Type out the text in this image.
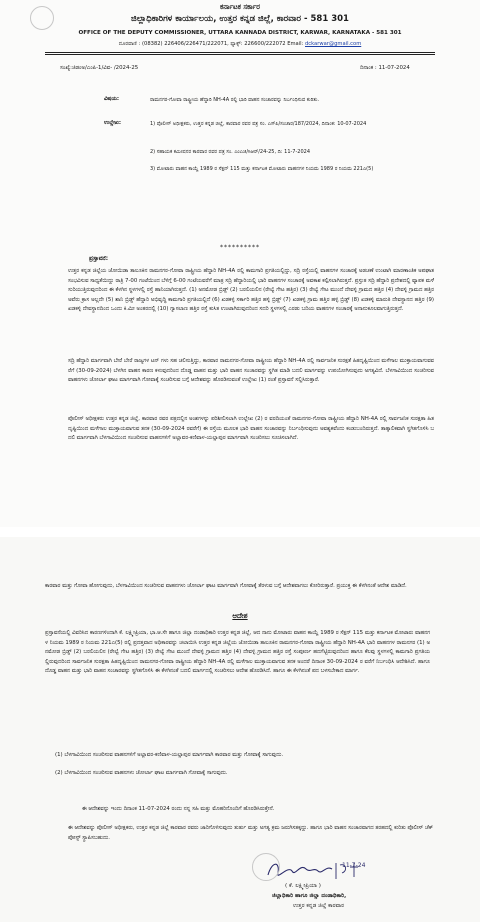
ಕರ್ನಾಟಕ ಸರ್ಕಾರ
ಜಿಲ್ಲಾಧಿಕಾರಿಗಳ ಕಾರ್ಯಾಲಯ, ಉತ್ತರ ಕನ್ನಡ ಜಿಲ್ಲೆ, ಕಾರವಾರ - 581 301
OFFICE OF THE DEPUTY COMMISSIONER, UTTARA KANNADA DISTRICT, KARWAR, KARNATAKA - 581 301
ದೂರವಾಣಿ : (08382) 226406/226471/222071, ಫ್ಯಾಕ್ಸ್: 226600/222072 Email: dckarwar@gmail.com
ಸಂಖ್ಯೆ:ಜಿಡಂಅ/ಎಂಪಿ-1/ವಿವ- /2024-25	ದಿನಾಂಕ : 11-07-2024
ವಿಷಯ:	ರಾಮನಗರ-ಗೋವಾ ರಾಷ್ಟ್ರೀಯ ಹೆದ್ದಾರಿ NH-4A ರಲ್ಲಿ ಭಾರಿ ವಾಹನ ಸಂಚಾರವನ್ನು ನಿರ್ಬಂಧಿಸುವ ಕುರಿತು.
ಉಲ್ಲೇಖ:	1) ಪೊಲೀಸ್ ಅಧೀಕ್ಷಕರು, ಉತ್ತರ ಕನ್ನಡ ಜಿಲ್ಲೆ, ಕಾರವಾರ ರವರ ಪತ್ರ ಸಂ. ಎಸ್‌ಪಿ/ಸಂಚಾರ/187/2024, ದಿನಾಂಕ: 10-07-2024
2) ಸಹಾಯಕ ಕಮೀಷನರ ಕಾರವಾರ ರವರ ಪತ್ರ ಸಂ. ಎಂಎಜಿ/ಸಿಆರ್/24-25, ದಿ: 11-7-2024
3) ಮೋಟಾರು ವಾಹನ ಕಾಯ್ದೆ 1989 ರ ಸೆಕ್ಷನ್ 115 ಮತ್ತು ಕರ್ನಾಟಕ ಮೋಟಾರು ವಾಹನಗಳ ನಿಯಮ 1989 ರ ನಿಯಮ 221ಎ(5)
**********
ಪ್ರಸ್ತಾವನೆ:
ಉತ್ತರ ಕನ್ನಡ ಜಿಲ್ಲೆಯ ಜೋಯಿಡಾ ತಾಲೂಕಿನ ರಾಮನಗರ-ಗೋವಾ ರಾಷ್ಟ್ರೀಯ ಹೆದ್ದಾರಿ NH-4A ರಲ್ಲಿ ಕಾಮಗಾರಿ ಪ್ರಗತಿಯಲ್ಲಿದ್ದು, ಸದ್ರಿ ರಸ್ತೆಯಲ್ಲಿ ವಾಹನಗಳ ಸಂಚಾರಕ್ಕೆ ಅಡಚಣೆ ಉಂಟಾಗಿ ಮಾರಣಾಂತಿಕ ಅಪಘಾತ ಸಂಭವಿಸುವ ಸಾಧ್ಯತೆಯಿದ್ದು ರಾತ್ರಿ 7-00 ಗಂಟೆಯಿಂದ ಬೆಳಿಗ್ಗೆ 6-00 ಗಂಟೆಯವರೆಗೆ ಮಾತ್ರ ಸದ್ರಿ ಹೆದ್ದಾರಿಯಲ್ಲಿ ಭಾರಿ ವಾಹನಗಳ ಸಂಚಾರಕ್ಕೆ ಅವಕಾಶ ಕಲ್ಪಿಸಲಾಗಿರುತ್ತದೆ. ಪ್ರಸ್ತುತ ಸದ್ರಿ ಹೆದ್ದಾರಿ ಪ್ರದೇಶದಲ್ಲಿ ವ್ಯಾಪಕ ಮಳೆ ಸುರಿಯುತ್ತಿರುವುದರಿಂದ ಈ ಕೆಳಗಿನ ಸ್ಥಳಗಳಲ್ಲಿ ರಸ್ತೆ ಹಾನಿಯಾಗಿರುತ್ತದೆ. (1) ಅನಮೋಡ ಬ್ರಿಡ್ಜ್ (2) ಬರಲಿಯಲಿನ (ರೇಲ್ವೆ ಗೇಟ ಹತ್ತಿರ) (3) ರೇಲ್ವೆ ಗೇಟ ಮುಂದೆ ದೇವಳ್ಳಿ ಗ್ರಾಮದ ಹತ್ತಿರ (4) ದೇವಳ್ಳಿ ಗ್ರಾಮದ ಹತ್ತಿರ ಅವೆರು ಕ್ರಾಸ ಅಲ್ಲದೇ (5) ಶಾನಿ ಬ್ರಿಡ್ಜ್ ಹೆದ್ದಾರಿ ಅಭಿವೃದ್ಧಿ ಕಾಮಗಾರಿ ಪ್ರಗತಿಯಲ್ಲಿದೆ (6) ಖಡಕಳ್ಳಿ ಸರ್ಕಾರಿ ಹತ್ತಿರ ಹಳ್ಳಿ ಬ್ರಿಡ್ಜ್ (7) ಖಡಕಳ್ಳಿ ಗ್ರಾಮ ಹತ್ತಿರ ಹಳ್ಳಿ ಬ್ರಿಡ್ಜ್ (8) ಖಡಕಳ್ಳಿ ಮಾರುತಿ ದೇವಸ್ಥಾನದ ಹತ್ತಿರ (9) ಖಡಕಳ್ಳಿ ದೇವಸ್ಥಾನದಿಂದ ಒಂದು ಕಿ.ಮೀ ಅಂತರದಲ್ಲಿ (10) ಗ್ಯಾಸಲಾಣ ಹತ್ತಿರ ರಸ್ತೆ ಕುಸಿತ ಉಂಟಾಗಿರುವುದರಿಂದ ಸದರಿ ಸ್ಥಳಗಳಲ್ಲಿ ಎರಡು ಬದಿಯ ವಾಹನಗಳ ಸಂಚಾರಕ್ಕೆ ಅನಾನುಕೂಲವಾಗುತ್ತಿರುತ್ತದೆ.
ಸದ್ರಿ ಹೆದ್ದಾರಿ ಮಾರ್ಗವಾಗಿ ಬೇರೆ ಬೇರೆ ರಾಜ್ಯಗಳ ಟನ್ ಗಳು ಸಹ ಚಲಿಸುತ್ತಿದ್ದು, ಕಾರವಾರ ರಾಮನಗರ-ಗೋವಾ ರಾಷ್ಟ್ರೀಯ ಹೆದ್ದಾರಿ NH-4A ರಲ್ಲಿ ಸಾರ್ವಜನಿಕ ಸುರಕ್ಷತೆ ಹಿತದೃಷ್ಟಿಯಿಂದ ಮಳೆಗಾಲ ಮುಕ್ತಾಯವಾಗುವವರೆಗೆ (30-09-2024) ಬೆಳಗಿನ ವಾಹನ ಕಾರಣ ಕಳುವುದರಿಂದ ದೊಡ್ಡ ವಾಹನ ಮತ್ತು ಭಾರಿ ವಾಹನ ಸಂಚಾರವನ್ನು ಸ್ಥಗಿತ ಮಾಡಿ ಬದಲಿ ಮಾರ್ಗವನ್ನು ಉಪಯೋಗಿಸುವುದು ಅಗತ್ಯವಿದೆ. ಬೆಳಗಾವಿಯಿಂದ ಸಂಚರಿಸುವ ವಾಹನಗಳು ಚೋರ್ಲಾ ಘಾಟ ಮಾರ್ಗವಾಗಿ ಗೋವಾಕ್ಕೆ ಸಂಚರಿಸುವ ಬಗ್ಗೆ ಆದೇಶವನ್ನು ಹೊರಡಿಸುವಂತೆ ಉಲ್ಲೇಖ (1) ರಂತೆ ಪ್ರಸ್ತಾವನೆ ಸಲ್ಲಿಸಿರುತ್ತಾರೆ.
ಪೊಲೀಸ್ ಅಧೀಕ್ಷಕರು ಉತ್ತರ ಕನ್ನಡ ಜಿಲ್ಲೆ, ಕಾರವಾರ ರವರ ಪತ್ರದಲ್ಲಿನ ಅಂಶಗಳನ್ನು ಪರಿಶೀಲಿಸಲಾಗಿ ಉಲ್ಲೇಖ (2) ರ ವರದಿಯಂತೆ ರಾಮನಗರ-ಗೋವಾ ರಾಷ್ಟ್ರೀಯ ಹೆದ್ದಾರಿ NH-4A ರಲ್ಲಿ ಸಾರ್ವಜನಿಕ ಸುರಕ್ಷತಾ ಹಿತದೃಷ್ಟಿಯಿಂದ ಮಳೆಗಾಲ ಮುಕ್ತಾಯವಾಗುವ ತನಕ (30-09-2024 ರವರೆಗೆ) ಈ ರಸ್ತೆಯ ಮೂಲಕ ಭಾರಿ ವಾಹನ ಸಂಚಾರವನ್ನು ನಿರ್ಬಂಧಿಸುವುದು ಅವಶ್ಯಕವೆಂದು ಕಂಡುಬಂದಿರುತ್ತದೆ. ತಾತ್ಕಾಲಿಕವಾಗಿ ಸ್ಥಗಿತಗೊಳಿಸಿ ಬದಲಿ ಮಾರ್ಗವಾಗಿ ಬೆಳಗಾವಿಯಿಂದ ಸಂಚರಿಸುವ ವಾಹನಗಳಿಗೆ ಅಲ್ಲಾವರ-ಕಣಿವಾಳ-ಯಲ್ಲಾಪುರ ಮಾರ್ಗವಾಗಿ ಸಂಚರಿಸಲು ಸೂಚಿಸಲಾಗಿದೆ.
ಕಾರವಾರ ಮತ್ತು ಗೋವಾ ಹೋಗುವುದು, ಬೆಳಗಾವಿಯಿಂದ ಸಂಚರಿಸುವ ವಾಹನಗಳು ಚೋರ್ಲಾ ಘಾಟ ಮಾರ್ಗವಾಗಿ ಗೋವಾಕ್ಕೆ ತೆರಳುವ ಬಗ್ಗೆ ಆದೇಶವಾಗಲು ಕೋರಿರುತ್ತಾರೆ. ಪ್ರಯುಕ್ತ ಈ ಕೆಳಗಿನಂತೆ ಆದೇಶ ಮಾಡಿದೆ.
ಆದೇಶ
ಪ್ರಸ್ತಾವನೆಯಲ್ಲಿ ವಿವರಿಸಿದ ಕಾರಣಗಳಿಂದಾಗಿ ಕೆ. ಲಕ್ಷ್ಮೀಪ್ರಿಯಾ, ಭಾ.ಆ.ಸೇ ಹಾಗೂ ಜಿಲ್ಲಾ ದಂಡಾಧಿಕಾರಿ ಉತ್ತರ ಕನ್ನಡ ಜಿಲ್ಲೆ, ಆದ ನಾನು ಮೋಟಾರು ವಾಹನ ಕಾಯ್ದೆ 1989 ರ ಸೆಕ್ಷನ್ 115 ಮತ್ತು ಕರ್ನಾಟಕ ಮೋಟಾರು ವಾಹನಗಳ ನಿಯಮ 1989 ರ ನಿಯಮ 221ಎ(5) ರಲ್ಲಿ ಪ್ರದತ್ತವಾದ ಅಧಿಕಾರವನ್ನು ಚಲಾಯಿಸಿ ಉತ್ತರ ಕನ್ನಡ ಜಿಲ್ಲೆಯ ಜೋಯಿಡಾ ತಾಲೂಕಿನ ರಾಮನಗರ-ಗೋವಾ ರಾಷ್ಟ್ರೀಯ ಹೆದ್ದಾರಿ NH-4A ಭಾರಿ ವಾಹನಗಳ ರಾಮನಗರ (1) ಅನಮೋಡ ಬ್ರಿಡ್ಜ್ (2) ಬರಲಿಯಲಿನ (ರೇಲ್ವೆ ಗೇಟ ಹತ್ತಿರ) (3) ರೇಲ್ವೆ ಗೇಟ ಮುಂದೆ ದೇವಳ್ಳಿ ಗ್ರಾಮದ ಹತ್ತಿರ (4) ದೇವಳ್ಳಿ ಗ್ರಾಮದ ಹತ್ತಿರ ರಸ್ತೆ ಸಂಪೂರ್ಣ ಹದಗೆಟ್ಟಿರುವುದರಿಂದ ಹಾಗೂ ಕೆಲವು ಸ್ಥಳಗಳಲ್ಲಿ ಕಾಮಗಾರಿ ಪ್ರಗತಿಯಲ್ಲಿರುವುದರಿಂದ ಸಾರ್ವಜನಿಕ ಸುರಕ್ಷತಾ ಹಿತದೃಷ್ಟಿಯಿಂದ ರಾಮನಗರ-ಗೋವಾ ರಾಷ್ಟ್ರೀಯ ಹೆದ್ದಾರಿ NH-4A ರಲ್ಲಿ ಮಳೆಗಾಲ ಮುಕ್ತಾಯವಾಗುವ ತನಕ ಅಂದರೆ ದಿನಾಂಕ 30-09-2024 ರ ವರೆಗೆ ನಿರ್ಬಂಧಿಸಿ ಆದೇಶಿಸಿದೆ. ಹಾಗೂ ದೊಡ್ಡ ವಾಹನ ಮತ್ತು ಭಾರಿ ವಾಹನ ಸಂಚಾರವನ್ನು ಸ್ಥಗಿತಗೊಳಿಸಿ ಈ ಕೆಳಗಿನಂತೆ ಬದಲಿ ಮಾರ್ಗದಲ್ಲಿ ಸಂಚರಿಸಲು ಆದೇಶ ಹೊರಡಿಸಿದೆ. ಹಾಗೂ ಈ ಕೆಳಗಿನಂತೆ ಪದ ಬಳಸಬೇಕಾದ ಮಾರ್ಗ.
(1) ಬೆಳಗಾವಿಯಿಂದ ಸಂಚರಿಸುವ ವಾಹನಗಳಿಗೆ ಅಲ್ಲಾವರ-ಕಣಿವಾಳ-ಯಲ್ಲಾಪುರ ಮಾರ್ಗವಾಗಿ ಕಾರವಾರ ಮತ್ತು ಗೋವಾಕ್ಕೆ ಸಾಗುವುದು.
(2) ಬೆಳಗಾವಿಯಿಂದ ಸಂಚರಿಸುವ ವಾಹನಗಳು ಚೋರ್ಲಾ ಘಾಟ ಮಾರ್ಗವಾಗಿ ಗೋವಾಕ್ಕೆ ಸಾಗುವುದು.
ಈ ಆದೇಶವನ್ನು ಇಂದು ದಿನಾಂಕ 11-07-2024 ರಂದು ನನ್ನ ಸಹಿ ಮತ್ತು ಮೊಹರಿನೊಂದಿಗೆ ಹೊರಡಿಸಿರುತ್ತೇನೆ.
ಈ ಆದೇಶವನ್ನು ಪೊಲೀಸ್ ಅಧೀಕ್ಷಕರು, ಉತ್ತರ ಕನ್ನಡ ಜಿಲ್ಲೆ ಕಾರವಾರ ರವರು ಜಾರಿಗೊಳಿಸುವುದು ತುರ್ತು ಮತ್ತು ಅಗತ್ಯ ಕ್ರಮ ಜರುಗಿಸತಕ್ಕದ್ದು. ಹಾಗೂ ಭಾರಿ ವಾಹನ ಸಂಚಾರವಾಗದ ತರಹದಲ್ಲಿ ಕುರಿತು ಪೊಲೀಸ್ ಚೆಕ್ ಪೋಸ್ಟ್ ಸ್ಥಾಪಿಸಬಹುದು.
11-7-24
( ಕೆ. ಲಕ್ಷ್ಮೀಪ್ರಿಯಾ )
ಜಿಲ್ಲಾಧಿಕಾರಿ ಹಾಗೂ ಜಿಲ್ಲಾ ದಂಡಾಧಿಕಾರಿ,
ಉತ್ತರ ಕನ್ನಡ ಜಿಲ್ಲೆ ಕಾರವಾರ
